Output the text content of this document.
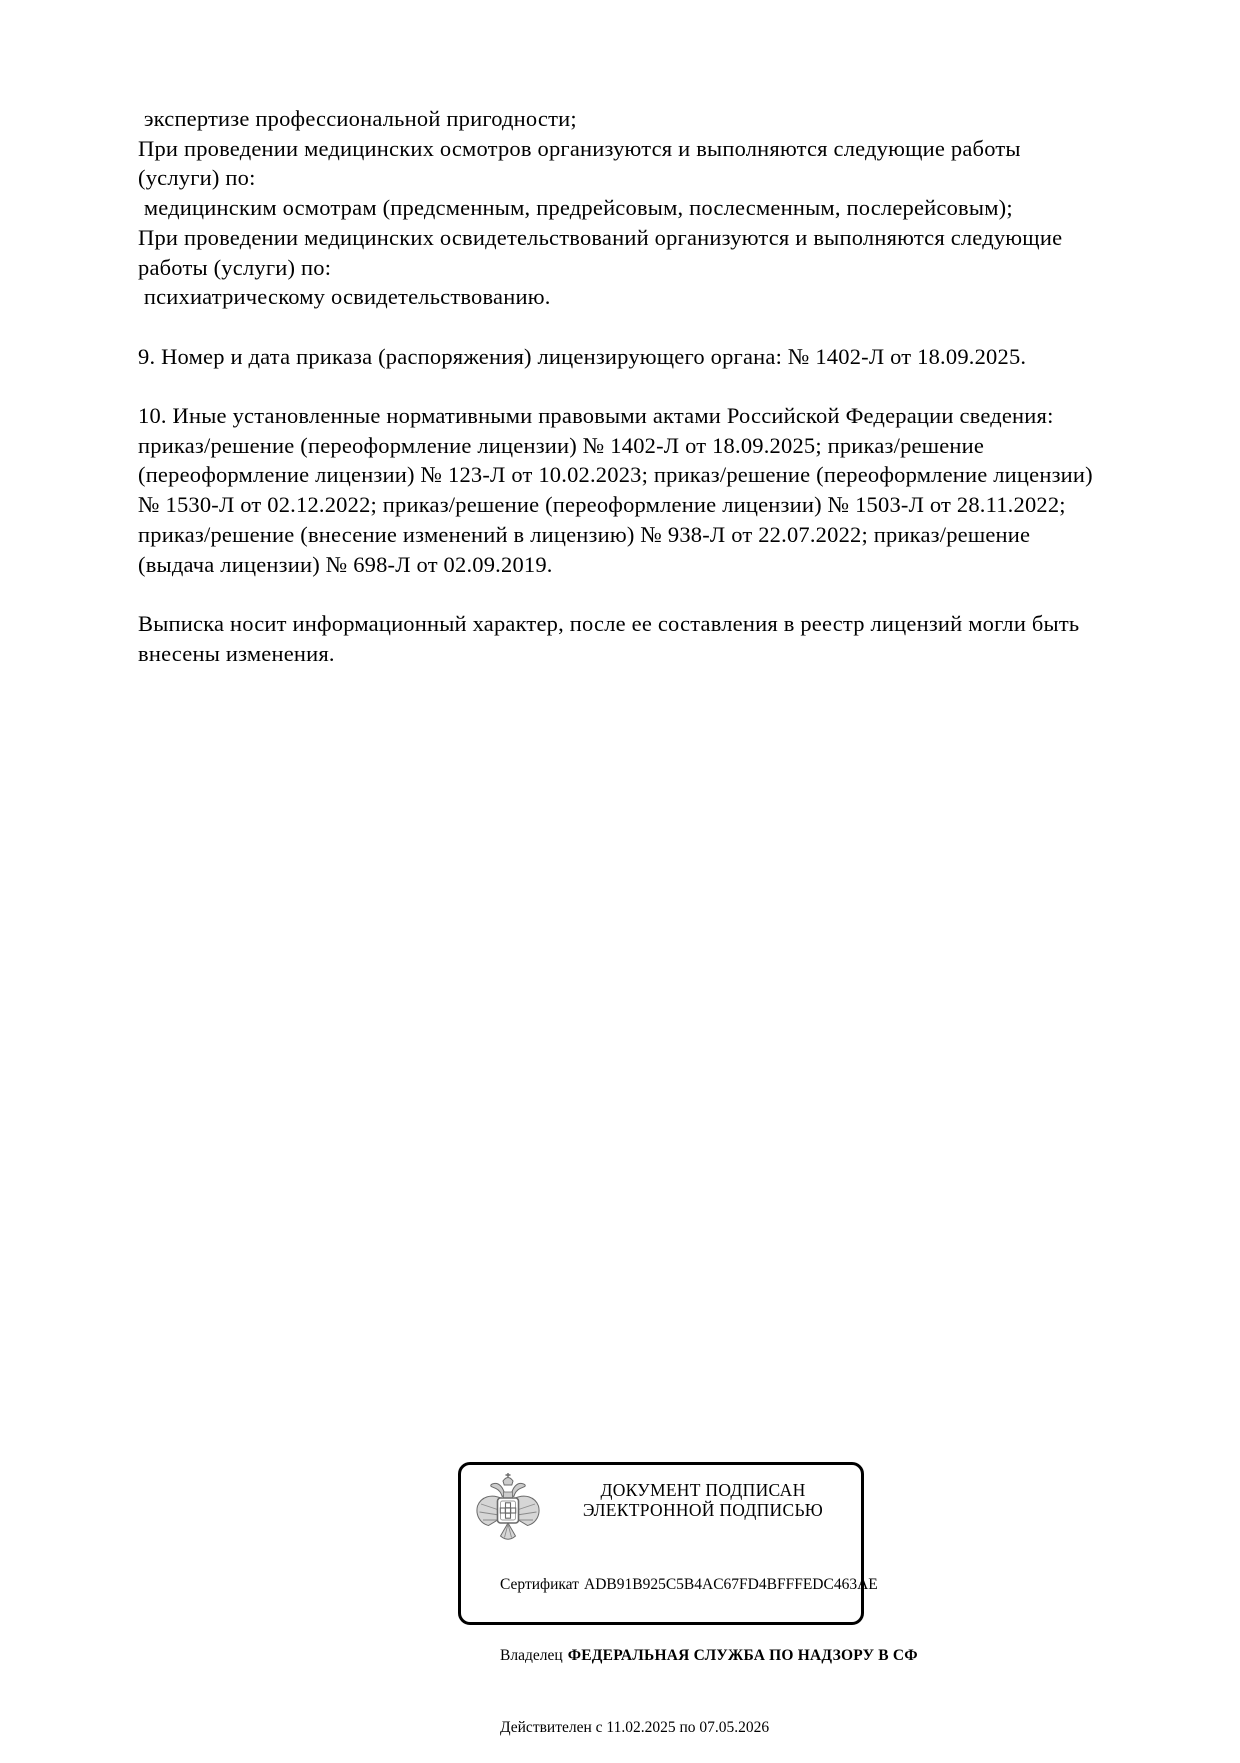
экспертизе профессиональной пригодности;
При проведении медицинских осмотров организуются и выполняются следующие работы
(услуги) по:
медицинским осмотрам (предсменным, предрейсовым, послесменным, послерейсовым);
При проведении медицинских освидетельствований организуются и выполняются следующие
работы (услуги) по:
психиатрическому освидетельствованию.
9. Номер и дата приказа (распоряжения) лицензирующего органа: № 1402-Л от 18.09.2025.
10. Иные установленные нормативными правовыми актами Российской Федерации сведения:
приказ/решение (переоформление лицензии) № 1402-Л от 18.09.2025; приказ/решение
(переоформление лицензии) № 123-Л от 10.02.2023; приказ/решение (переоформление лицензии)
№ 1530-Л от 02.12.2022; приказ/решение (переоформление лицензии) № 1503-Л от 28.11.2022;
приказ/решение (внесение изменений в лицензию) № 938-Л от 22.07.2022; приказ/решение
(выдача лицензии) № 698-Л от 02.09.2019.
Выписка носит информационный характер, после ее составления в реестр лицензий могли быть
внесены изменения.
ДОКУМЕНТ ПОДПИСАН
ЭЛЕКТРОННОЙ ПОДПИСЬЮ

Сертификат ADB91B925C5B4AC67FD4BFFFEDC463AE

Владелец ФЕДЕРАЛЬНАЯ СЛУЖБА ПО НАДЗОРУ В СФ

Действителен с 11.02.2025 по 07.05.2026
